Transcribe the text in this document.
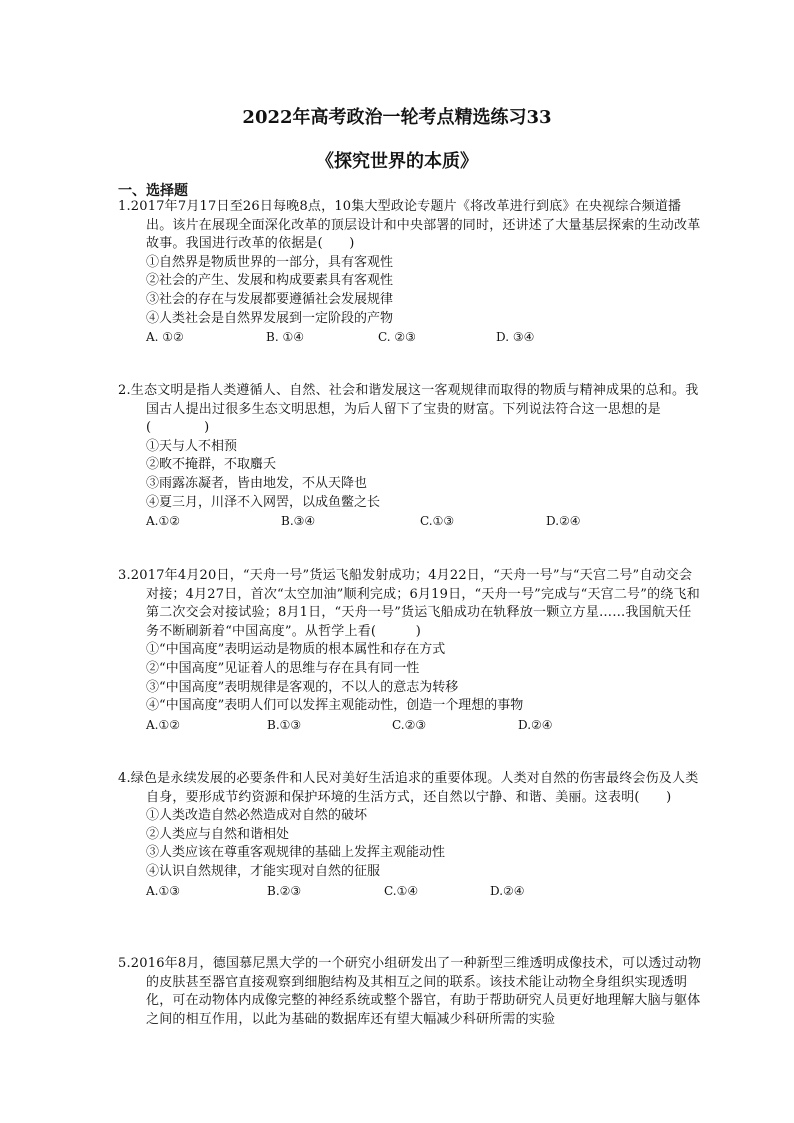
2022年高考政治一轮考点精选练习33
《探究世界的本质》
一、选择题
1.2017年7月17日至26日每晚8点，10集大型政论专题片《将改革进行到底》在央视综合频道播出。该片在展现全面深化改革的顶层设计和中央部署的同时，还讲述了大量基层探索的生动改革故事。我国进行改革的依据是(　　)
①自然界是物质世界的一部分，具有客观性
②社会的产生、发展和构成要素具有客观性
③社会的存在与发展都要遵循社会发展规律
④人类社会是自然界发展到一定阶段的产物
A. ①②	B. ①④	C. ②③	D. ③④
2.生态文明是指人类遵循人、自然、社会和谐发展这一客观规律而取得的物质与精神成果的总和。我国古人提出过很多生态文明思想，为后人留下了宝贵的财富。下列说法符合这一思想的是(　　　　)
①天与人不相预
②畋不掩群，不取麛夭
③雨露冻凝者，皆由地发，不从天降也
④夏三月，川泽不入网罟，以成鱼鳖之长
A.①②	B.③④	C.①③	D.②④
3.2017年4月20日，“天舟一号”货运飞船发射成功；4月22日，“天舟一号”与“天宫二号”自动交会对接；4月27日，首次“太空加油”顺利完成；6月19日，“天舟一号”完成与“天宫二号”的绕飞和第二次交会对接试验；8月1日，“天舟一号”货运飞船成功在轨释放一颗立方星……我国航天任务不断刷新着“中国高度”。从哲学上看(　　　)
①“中国高度”表明运动是物质的根本属性和存在方式
②“中国高度”见证着人的思维与存在具有同一性
③“中国高度”表明规律是客观的，不以人的意志为转移
④“中国高度”表明人们可以发挥主观能动性，创造一个理想的事物
A.①②	B.①③	C.②③	D.②④
4.绿色是永续发展的必要条件和人民对美好生活追求的重要体现。人类对自然的伤害最终会伤及人类自身，要形成节约资源和保护环境的生活方式，还自然以宁静、和谐、美丽。这表明(　　)
①人类改造自然必然造成对自然的破坏
②人类应与自然和谐相处
③人类应该在尊重客观规律的基础上发挥主观能动性
④认识自然规律，才能实现对自然的征服
A.①③	B.②③	C.①④	D.②④
5.2016年8月，德国慕尼黑大学的一个研究小组研发出了一种新型三维透明成像技术，可以透过动物的皮肤甚至器官直接观察到细胞结构及其相互之间的联系。该技术能让动物全身组织实现透明化，可在动物体内成像完整的神经系统或整个器官，有助于帮助研究人员更好地理解大脑与躯体之间的相互作用，以此为基础的数据库还有望大幅减少科研所需的实验
